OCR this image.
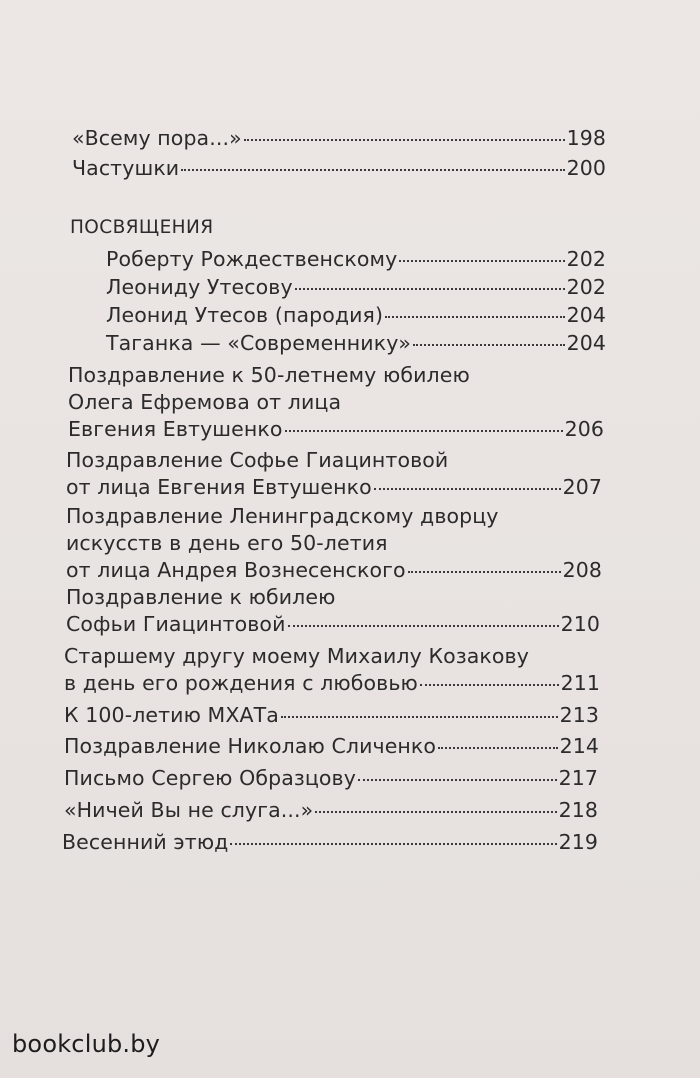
«Всему пора...»	198
Частушки	200
ПОСВЯЩЕНИЯ
Роберту Рождественскому	202
Леониду Утесову	202
Леонид Утесов (пародия)	204
Таганка — «Современнику»	204
Поздравление к 50-летнему юбилею
Олега Ефремова от лица
Евгения Евтушенко	206
Поздравление Софье Гиацинтовой
от лица Евгения Евтушенко	207
Поздравление Ленинградскому дворцу
искусств в день его 50-летия
от лица Андрея Вознесенского	208
Поздравление к юбилею
Софьи Гиацинтовой	210
Старшему другу моему Михаилу Козакову
в день его рождения с любовью	211
К 100-летию МХАТа	213
Поздравление Николаю Сличенко	214
Письмо Сергею Образцову	217
«Ничей Вы не слуга...»	218
Весенний этюд	219
bookclub.by
